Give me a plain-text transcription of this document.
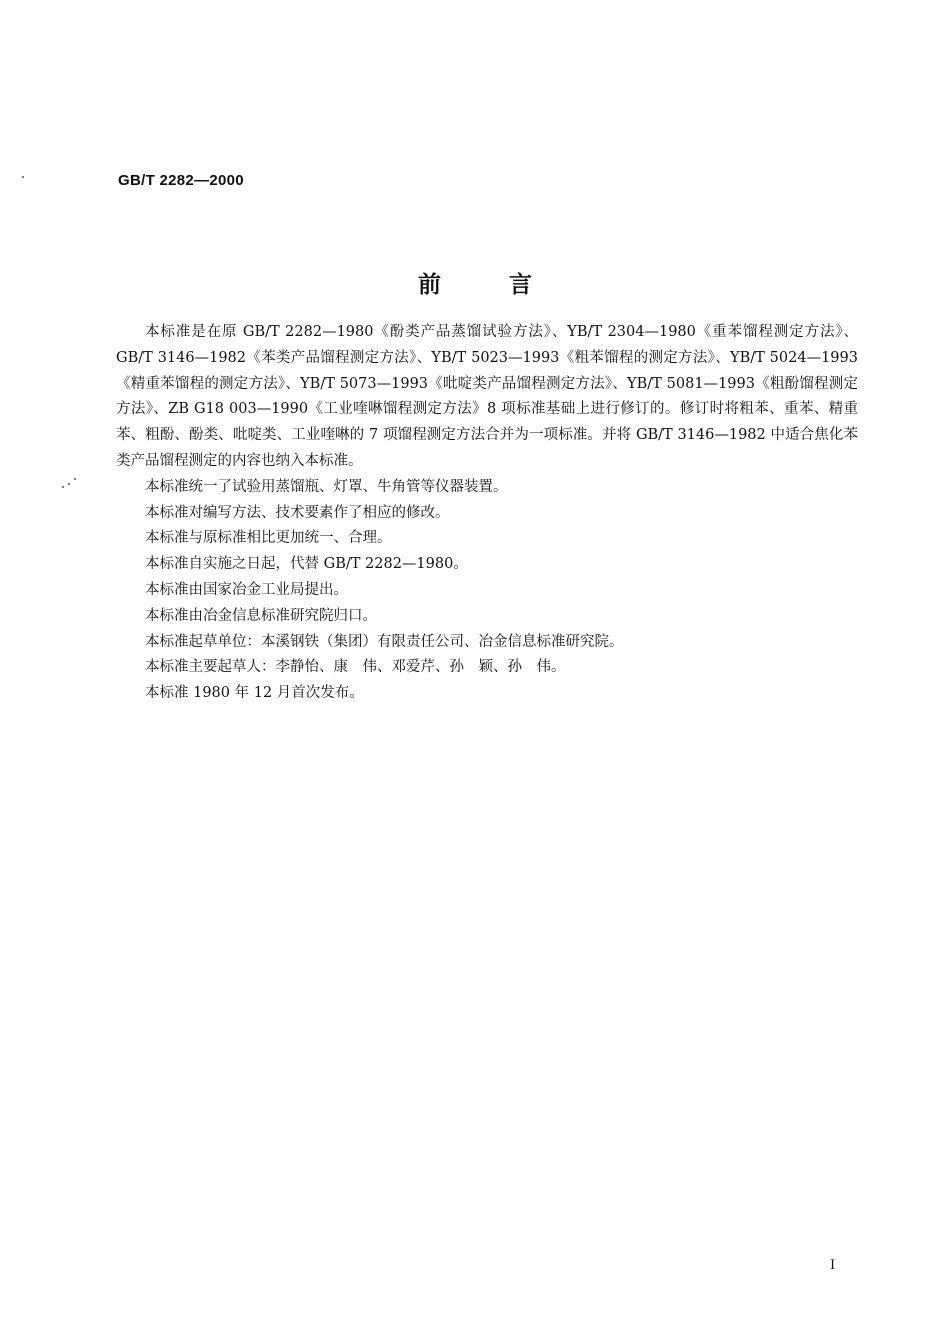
GB/T 2282—2000
前言

本标准是在原 GB/T 2282—1980《酚类产品蒸馏试验方法》、YB/T 2304—1980《重苯馏程测定方法》、GB/T 3146—1982《苯类产品馏程测定方法》、YB/T 5023—1993《粗苯馏程的测定方法》、YB/T 5024—1993《精重苯馏程的测定方法》、YB/T 5073—1993《吡啶类产品馏程测定方法》、YB/T 5081—1993《粗酚馏程测定方法》、ZB G18 003—1990《工业喹啉馏程测定方法》8 项标准基础上进行修订的。修订时将粗苯、重苯、精重苯、粗酚、酚类、吡啶类、工业喹啉的 7 项馏程测定方法合并为一项标准。并将 GB/T 3146—1982 中适合焦化苯类产品馏程测定的内容也纳入本标准。

本标准统一了试验用蒸馏瓶、灯罩、牛角管等仪器装置。

本标准对编写方法、技术要素作了相应的修改。

本标准与原标准相比更加统一、合理。

本标准自实施之日起，代替 GB/T 2282—1980。

本标准由国家冶金工业局提出。

本标准由冶金信息标准研究院归口。

本标准起草单位：本溪钢铁（集团）有限责任公司、冶金信息标准研究院。

本标准主要起草人：李静怡、康　伟、邓爱芹、孙　颖、孙　伟。

本标准 1980 年 12 月首次发布。

I
